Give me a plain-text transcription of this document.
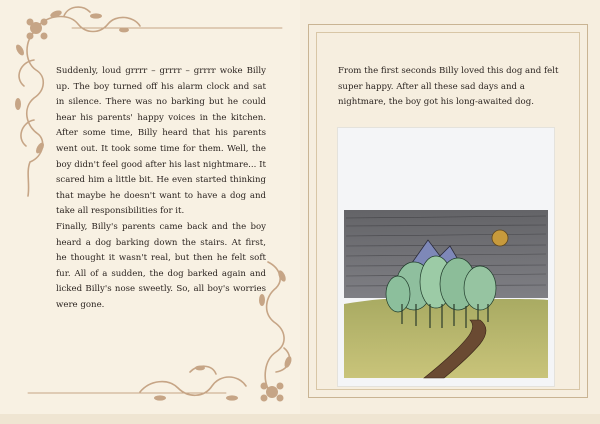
Suddenly, loud grrrr – grrrr – grrrr woke Billy up. The boy turned off his alarm clock and sat in silence. There was no barking but he could hear his parents' happy voices in the kitchen. After some time, Billy heard that his parents went out. It took some time for them. Well, the boy didn't feel good after his last nightmare... It scared him a little bit. He even started thinking that maybe he doesn't want to have a dog and take all responsibilities for it.

Finally, Billy's parents came back and the boy heard a dog barking down the stairs. At first, he thought it wasn't real, but then he felt soft fur. All of a sudden, the dog barked again and licked Billy's nose sweetly. So, all boy's worries were gone.

From the first seconds Billy loved this dog and felt super happy. After all these sad days and a nightmare, the boy got his long-awaited dog.
